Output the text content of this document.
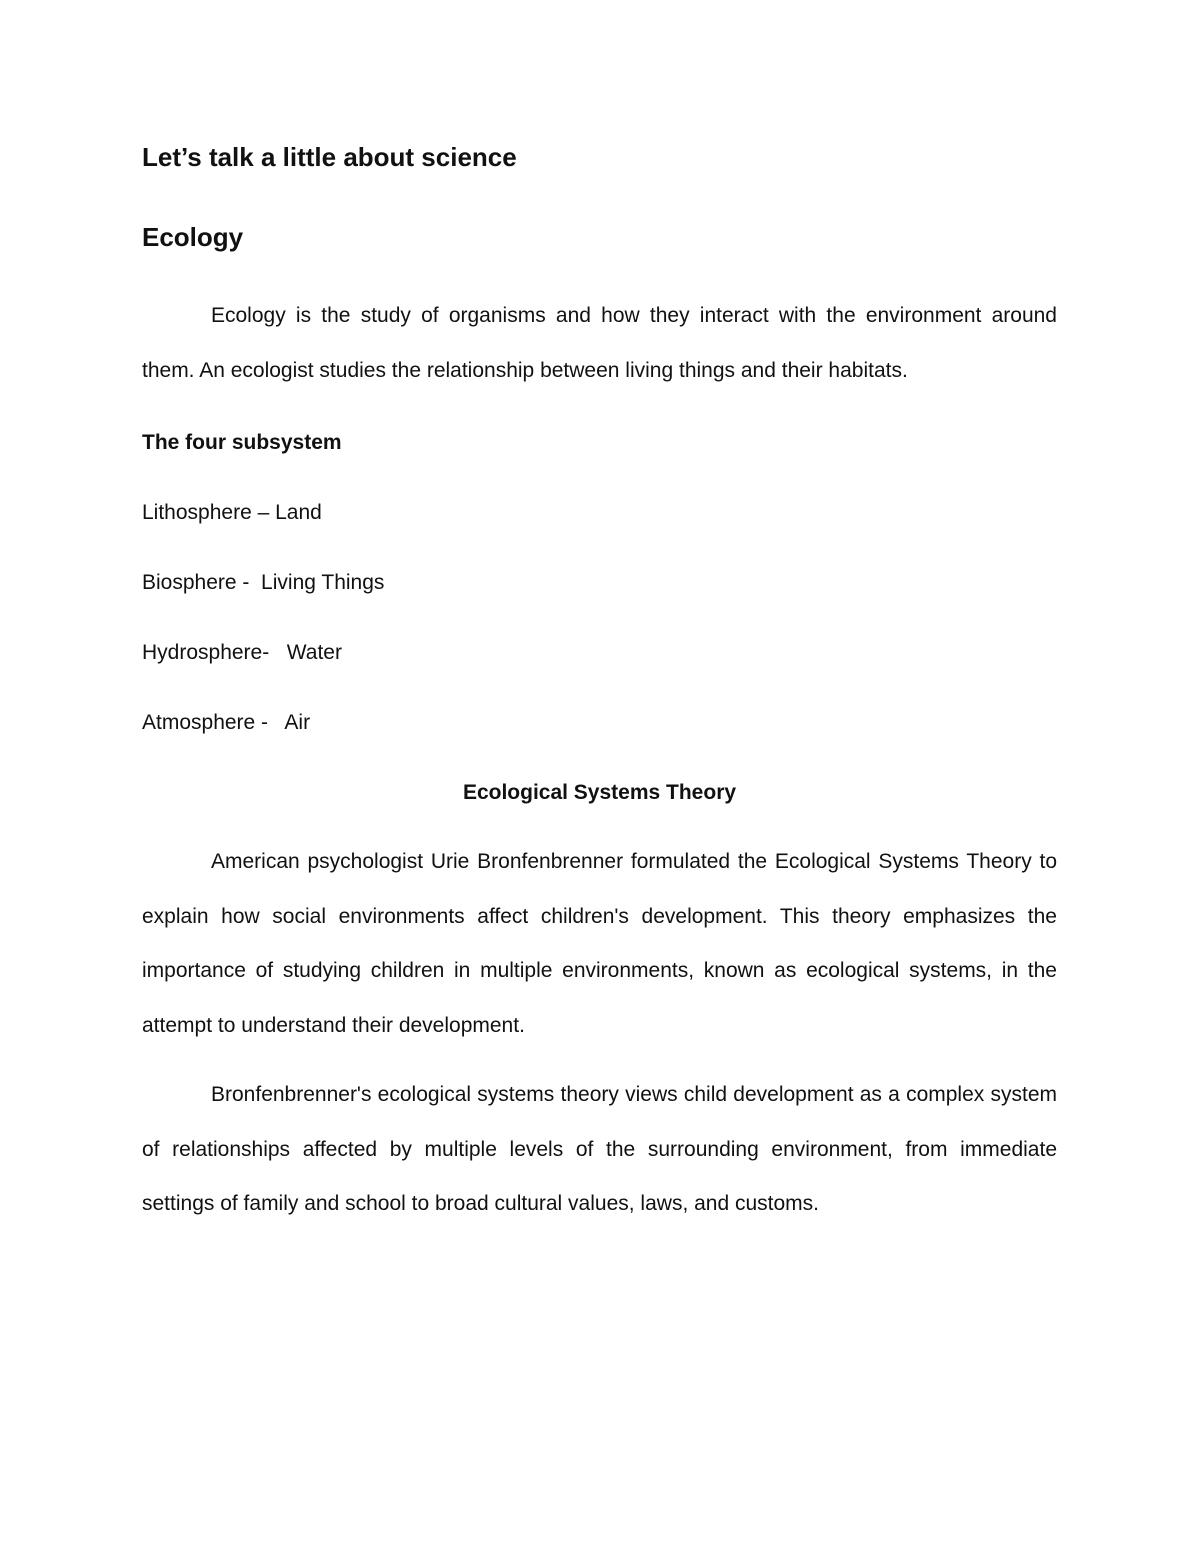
Let’s talk a little about science
Ecology

Ecology is the study of organisms and how they interact with the environment around them. An ecologist studies the relationship between living things and their habitats.

The four subsystem
Lithosphere – Land
Biosphere -  Living Things
Hydrosphere-   Water
Atmosphere -   Air
Ecological Systems Theory

American psychologist Urie Bronfenbrenner formulated the Ecological Systems Theory to explain how social environments affect children's development. This theory emphasizes the importance of studying children in multiple environments, known as ecological systems, in the attempt to understand their development.

Bronfenbrenner's ecological systems theory views child development as a complex system of relationships affected by multiple levels of the surrounding environment, from immediate settings of family and school to broad cultural values, laws, and customs.
